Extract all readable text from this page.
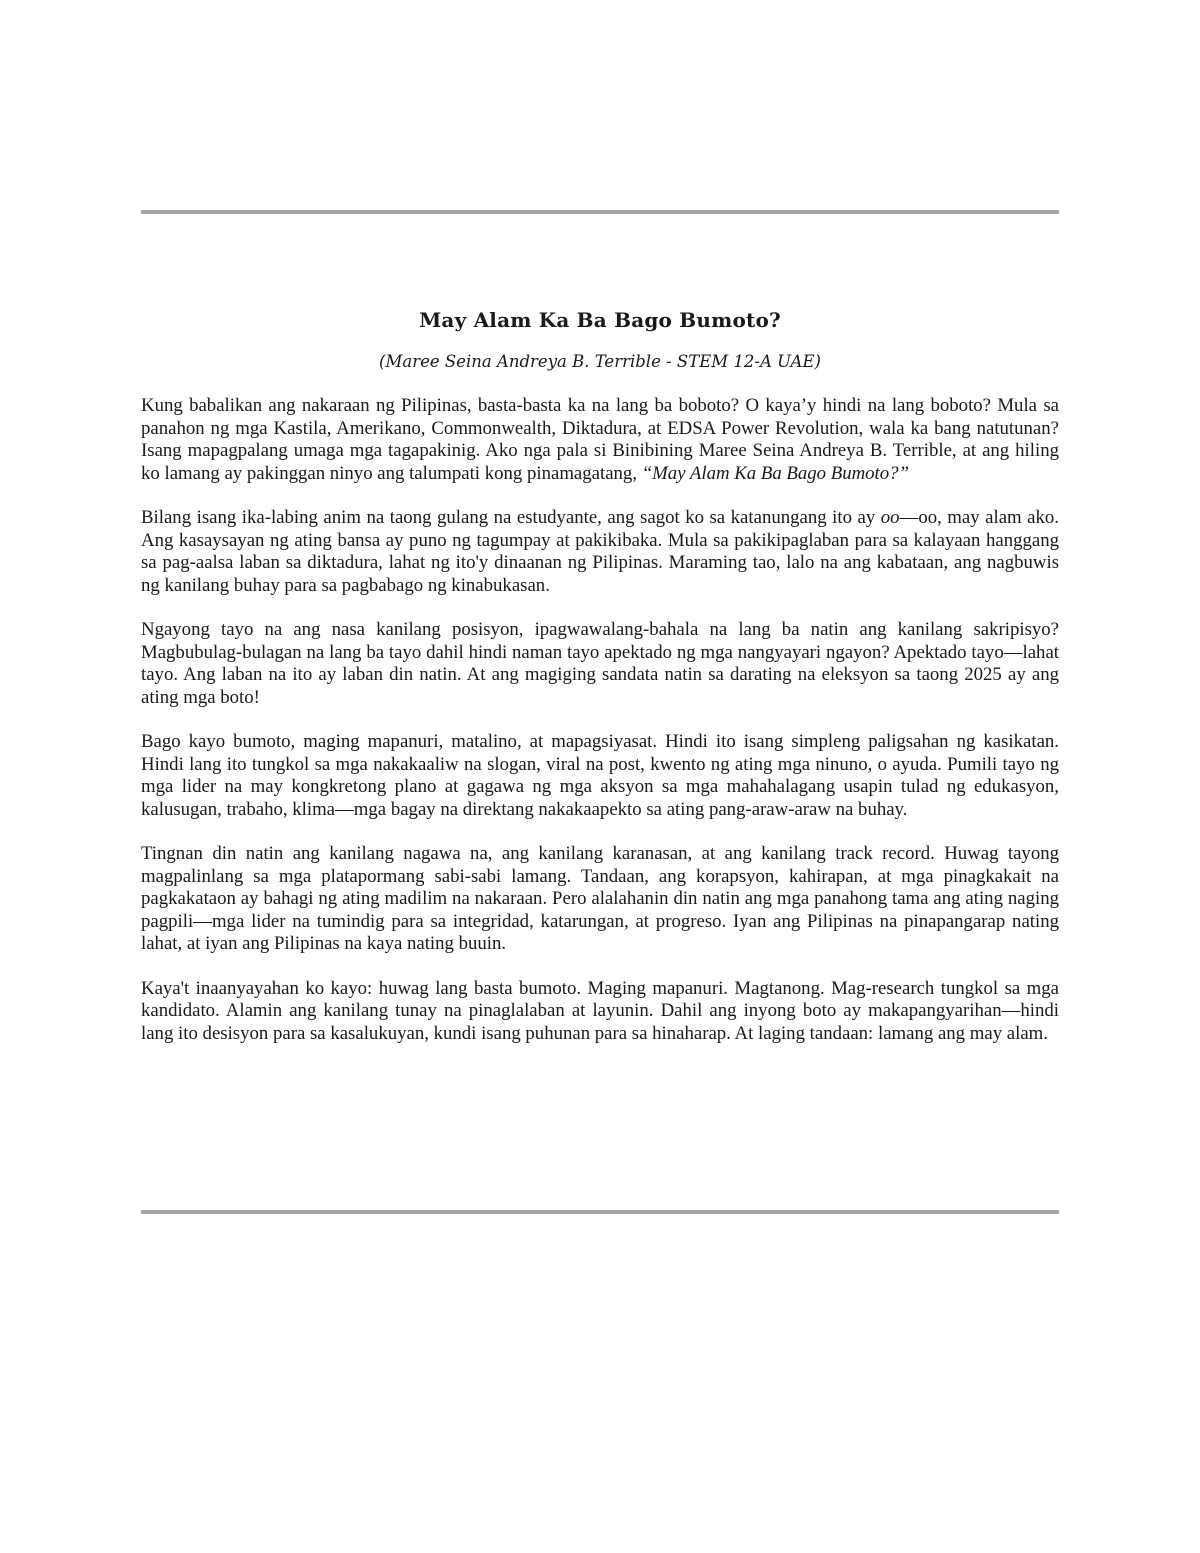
May Alam Ka Ba Bago Bumoto?

(Maree Seina Andreya B. Terrible - STEM 12-A UAE)

Kung babalikan ang nakaraan ng Pilipinas, basta-basta ka na lang ba boboto? O kaya’y hindi na lang boboto? Mula sa panahon ng mga Kastila, Amerikano, Commonwealth, Diktadura, at EDSA Power Revolution, wala ka bang natutunan? Isang mapagpalang umaga mga tagapakinig. Ako nga pala si Binibining Maree Seina Andreya B. Terrible, at ang hiling ko lamang ay pakinggan ninyo ang talumpati kong pinamagatang, “May Alam Ka Ba Bago Bumoto?”

Bilang isang ika-labing anim na taong gulang na estudyante, ang sagot ko sa katanungang ito ay oo—oo, may alam ako. Ang kasaysayan ng ating bansa ay puno ng tagumpay at pakikibaka. Mula sa pakikipaglaban para sa kalayaan hanggang sa pag-aalsa laban sa diktadura, lahat ng ito'y dinaanan ng Pilipinas. Maraming tao, lalo na ang kabataan, ang nagbuwis ng kanilang buhay para sa pagbabago ng kinabukasan.

Ngayong tayo na ang nasa kanilang posisyon, ipagwawalang-bahala na lang ba natin ang kanilang sakripisyo? Magbubulag-bulagan na lang ba tayo dahil hindi naman tayo apektado ng mga nangyayari ngayon? Apektado tayo—lahat tayo. Ang laban na ito ay laban din natin. At ang magiging sandata natin sa darating na eleksyon sa taong 2025 ay ang ating mga boto!

Bago kayo bumoto, maging mapanuri, matalino, at mapagsiyasat. Hindi ito isang simpleng paligsahan ng kasikatan. Hindi lang ito tungkol sa mga nakakaaliw na slogan, viral na post, kwento ng ating mga ninuno, o ayuda. Pumili tayo ng mga lider na may kongkretong plano at gagawa ng mga aksyon sa mga mahahalagang usapin tulad ng edukasyon, kalusugan, trabaho, klima—mga bagay na direktang nakakaapekto sa ating pang-araw-araw na buhay.

Tingnan din natin ang kanilang nagawa na, ang kanilang karanasan, at ang kanilang track record. Huwag tayong magpalinlang sa mga platapormang sabi-sabi lamang. Tandaan, ang korapsyon, kahirapan, at mga pinagkakait na pagkakataon ay bahagi ng ating madilim na nakaraan. Pero alalahanin din natin ang mga panahong tama ang ating naging pagpili—mga lider na tumindig para sa integridad, katarungan, at progreso. Iyan ang Pilipinas na pinapangarap nating lahat, at iyan ang Pilipinas na kaya nating buuin.

Kaya't inaanyayahan ko kayo: huwag lang basta bumoto. Maging mapanuri. Magtanong. Mag-research tungkol sa mga kandidato. Alamin ang kanilang tunay na pinaglalaban at layunin. Dahil ang inyong boto ay makapangyarihan—hindi lang ito desisyon para sa kasalukuyan, kundi isang puhunan para sa hinaharap. At laging tandaan: lamang ang may alam.
